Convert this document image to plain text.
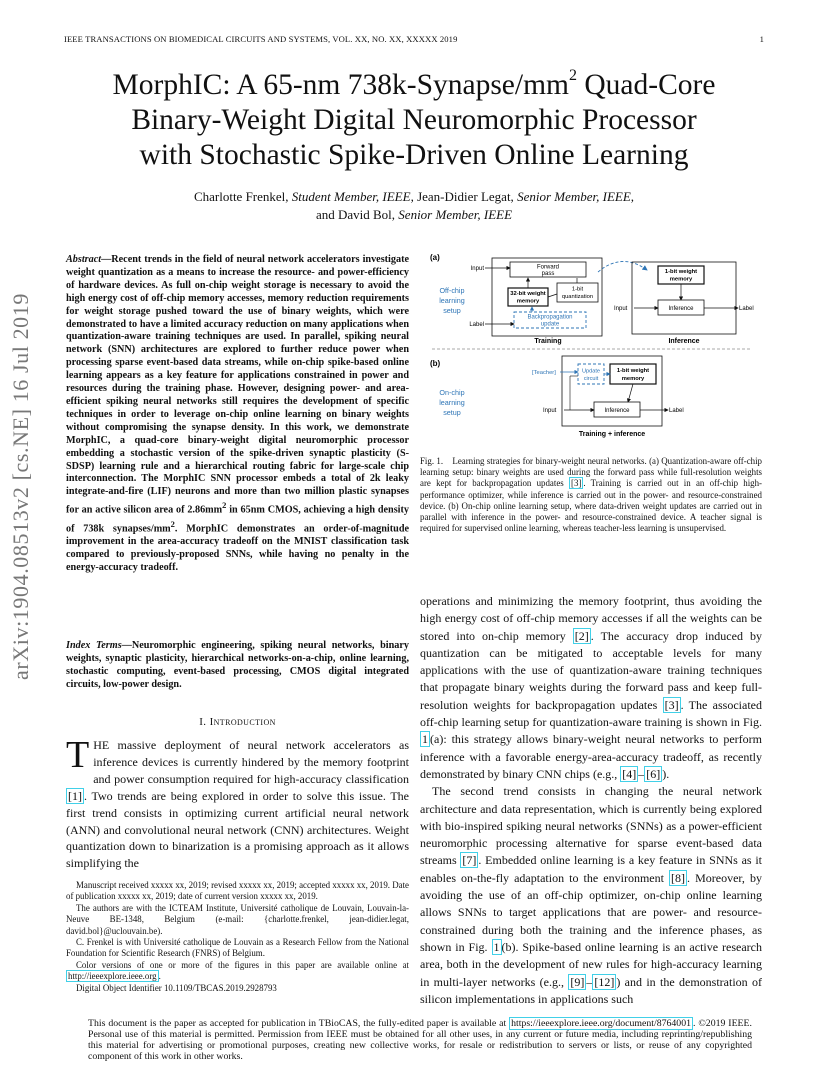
IEEE TRANSACTIONS ON BIOMEDICAL CIRCUITS AND SYSTEMS, VOL. XX, NO. XX, XXXXX 2019	1
MorphIC: A 65-nm $738k-Synapse/mm^2$ Quad-Core
Binary-Weight Digital Neuromorphic Processor
with Stochastic Spike-Driven Online Learning
Charlotte Frenkel, Student Member, IEEE, Jean-Didier Legat, Senior Member, IEEE,
and David Bol, Senior Member, IEEE
arXiv:1904.08513v2 [cs.NE] 16 Jul 2019
Abstract—Recent trends in the field of neural network accelerators investigate weight quantization as a means to increase the resource- and power-efficiency of hardware devices. As full on-chip weight storage is necessary to avoid the high energy cost of off-chip memory accesses, memory reduction requirements for weight storage pushed toward the use of binary weights, which were demonstrated to have a limited accuracy reduction on many applications when quantization-aware training techniques are used. In parallel, spiking neural network (SNN) architectures are explored to further reduce power when processing sparse event-based data streams, while on-chip spike-based online learning appears as a key feature for applications constrained in power and resources during the training phase. However, designing power- and area-efficient spiking neural networks still requires the development of specific techniques in order to leverage on-chip online learning on binary weights without compromising the synapse density. In this work, we demonstrate MorphIC, a quad-core binary-weight digital neuromorphic processor embedding a stochastic version of the spike-driven synaptic plasticity (S-SDSP) learning rule and a hierarchical routing fabric for large-scale chip interconnection. The MorphIC SNN processor embeds a total of 2k leaky integrate-and-fire (LIF) neurons and more than two million plastic synapses for an active silicon area of $2.86mm^2$ in 65nm CMOS, achieving a high density of 738k synapses/$mm^2$. MorphIC demonstrates an order-of-magnitude improvement in the area-accuracy tradeoff on the MNIST classification task compared to previously-proposed SNNs, while having no penalty in the energy-accuracy tradeoff.
Index Terms—Neuromorphic engineering, spiking neural networks, binary weights, synaptic plasticity, hierarchical networks-on-a-chip, online learning, stochastic computing, event-based processing, CMOS digital integrated circuits, low-power design.
I. Introduction
THE massive deployment of neural network accelerators as inference devices is currently hindered by the memory footprint and power consumption required for high-accuracy classification [1] . Two trends are being explored in order to solve this issue. The first trend consists in optimizing current artificial neural network (ANN) and convolutional neural network (CNN) architectures. Weight quantization down to binarization is a promising approach as it allows simplifying the

Manuscript received xxxxx xx, 2019; revised xxxxx xx, 2019; accepted xxxxx xx, 2019. Date of publication xxxxx xx, 2019; date of current version xxxxx xx, 2019.

The authors are with the ICTEAM Institute, Université catholique de Louvain, Louvain-la-Neuve BE-1348, Belgium (e-mail: {charlotte.frenkel, jean-didier.legat, david.bol}@uclouvain.be).

C. Frenkel is with Université catholique de Louvain as a Research Fellow from the National Foundation for Scientific Research (FNRS) of Belgium.

Color versions of one or more of the figures in this paper are available online at http://ieeexplore.ieee.org .

Digital Object Identifier 10.1109/TBCAS.2019.2928793

(a)
Off-chip
learning
setup
Forward
pass
32-bit weight
memory
1-bit
quantization
Backpropagation
update
Input
Label
Training
1-bit weight
memory
Inference
Input	Label
Inference
(b)
On-chip
learning
setup
[Teacher]	Update
circuit
1-bit weight
memory
Inference
Input	Label
Training + inference
Fig. 1. Learning strategies for binary-weight neural networks. (a) Quantization-aware off-chip learning setup: binary weights are used during the forward pass while full-resolution weights are kept for backpropagation updates [3] . Training is carried out in an off-chip high-performance optimizer, while inference is carried out in the power- and resource-constrained device. (b) On-chip online learning setup, where data-driven weight updates are carried out in parallel with inference in the power- and resource-constrained device. A teacher signal is required for supervised online learning, whereas teacher-less learning is unsupervised.

operations and minimizing the memory footprint, thus avoiding the high energy cost of off-chip memory accesses if all the weights can be stored into on-chip memory [2] . The accuracy drop induced by quantization can be mitigated to acceptable levels for many applications with the use of quantization-aware training techniques that propagate binary weights during the forward pass and keep full-resolution weights for backpropagation updates [3] . The associated off-chip learning setup for quantization-aware training is shown in Fig. 1 (a): this strategy allows binary-weight neural networks to perform inference with a favorable energy-area-accuracy tradeoff, as recently demonstrated by binary CNN chips (e.g., [4] – [6] ).

The second trend consists in changing the neural network architecture and data representation, which is currently being explored with bio-inspired spiking neural networks (SNNs) as a power-efficient neuromorphic processing alternative for sparse event-based data streams [7] . Embedded online learning is a key feature in SNNs as it enables on-the-fly adaptation to the environment [8] . Moreover, by avoiding the use of an off-chip optimizer, on-chip online learning allows SNNs to target applications that are power- and resource-constrained during both the training and the inference phases, as shown in Fig. 1 (b). Spike-based online learning is an active research area, both in the development of new rules for high-accuracy learning in multi-layer networks (e.g., [9] – [12] ) and in the demonstration of silicon implementations in applications such

This document is the paper as accepted for publication in TBioCAS, the fully-edited paper is available at https://ieeexplore.ieee.org/document/8764001 . ©2019 IEEE. Personal use of this material is permitted. Permission from IEEE must be obtained for all other uses, in any current or future media, including reprinting/republishing this material for advertising or promotional purposes, creating new collective works, for resale or redistribution to servers or lists, or reuse of any copyrighted component of this work in other works.
